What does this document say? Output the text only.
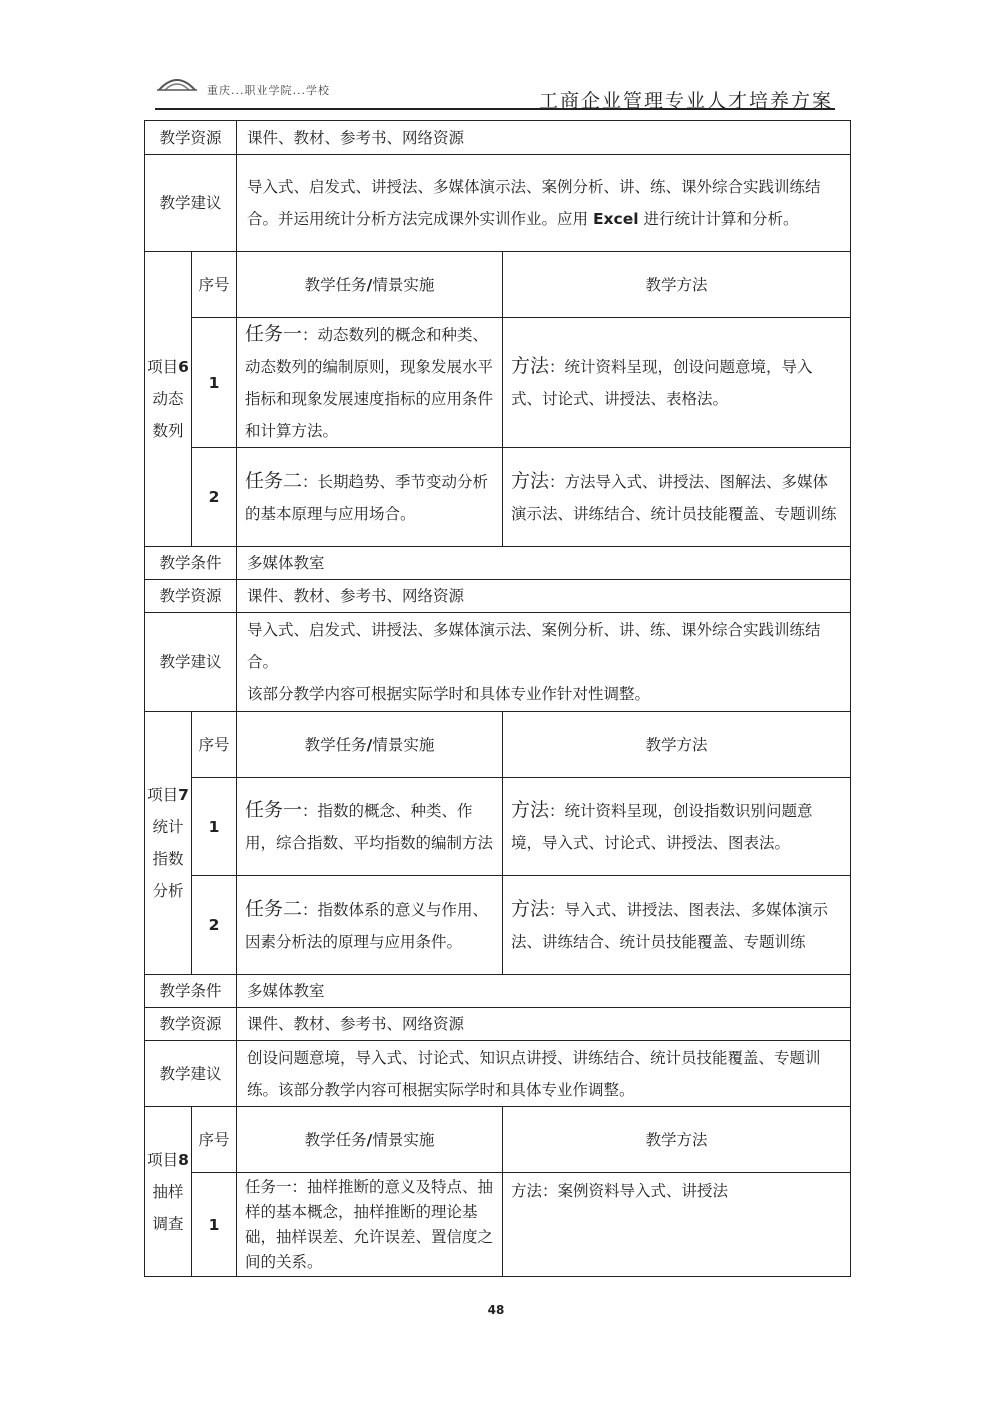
重庆...职业学院...学校	工商企业管理专业人才培养方案
教学资源		课件、教材、参考书、网络资源	
教学建议		导入式、启发式、讲授法、多媒体演示法、案例分析、讲、练、课外综合实践训练结合。并运用统计分析方法完成课外实训作业。应用 Excel 进行统计计算和分析。	
项目6动态数列	序号	教学任务/情景实施	教学方法
	1	任务一：动态数列的概念和种类、动态数列的编制原则，现象发展水平指标和现象发展速度指标的应用条件和计算方法。	方法：统计资料呈现，创设问题意境，导入式、讨论式、讲授法、表格法。
	2	任务二：长期趋势、季节变动分析的基本原理与应用场合。	方法：方法导入式、讲授法、图解法、多媒体演示法、讲练结合、统计员技能覆盖、专题训练
教学条件		多媒体教室	
教学资源		课件、教材、参考书、网络资源	
教学建议		导入式、启发式、讲授法、多媒体演示法、案例分析、讲、练、课外综合实践训练结合。
该部分教学内容可根据实际学时和具体专业作针对性调整。	

项目7统计指数分析	序号	教学任务/情景实施	教学方法
	1	任务一：指数的概念、种类、作用，综合指数、平均指数的编制方法	方法：统计资料呈现，创设指数识别问题意境，导入式、讨论式、讲授法、图表法。
	2	任务二：指数体系的意义与作用、因素分析法的原理与应用条件。	方法：导入式、讲授法、图表法、多媒体演示法、讲练结合、统计员技能覆盖、专题训练
教学条件		多媒体教室	
教学资源		课件、教材、参考书、网络资源	
教学建议		创设问题意境，导入式、讨论式、知识点讲授、讲练结合、统计员技能覆盖、专题训练。该部分教学内容可根据实际学时和具体专业作调整。	
项目8抽样调查	序号	教学任务/情景实施	教学方法
	1	任务一：抽样推断的意义及特点、抽样的基本概念，抽样推断的理论基础，抽样误差、允许误差、置信度之间的关系。	方法：案例资料导入式、讲授法
48
